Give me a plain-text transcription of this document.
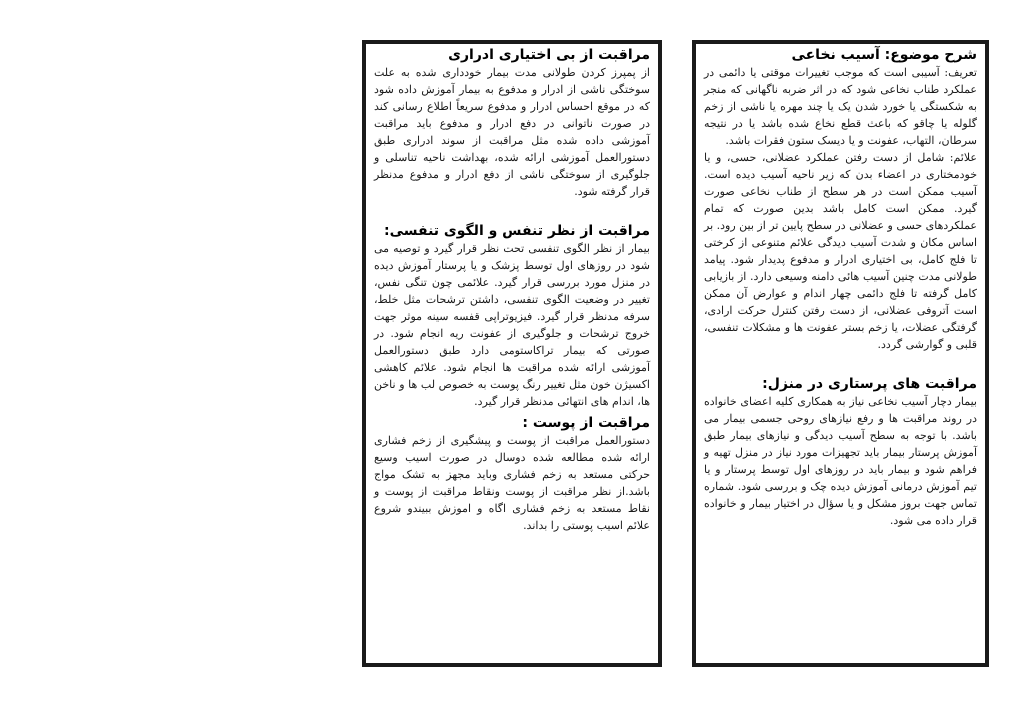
شرح موضوع: آسیب نخاعی

تعریف: آسیبی است که موجب تغییرات موقتی یا دائمی در عملکرد طناب نخاعی شود که در اثر ضربه ناگهانی که منجر به شکستگی یا خورد شدن یک یا چند مهره یا ناشی از زخم گلوله یا چاقو که باعث قطع نخاع شده باشد یا در نتیجه سرطان، التهاب، عفونت و یا دیسک ستون فقرات باشد.

علائم: شامل از دست رفتن عملکرد عضلانی، حسی، و یا خودمختاری در اعضاء بدن که زیر ناحیه آسیب دیده است. آسیب ممکن است در هر سطح از طناب نخاعی صورت گیرد. ممکن است کامل باشد بدین صورت که تمام عملکردهای حسی و عضلانی در سطح پایین تر از بین رود. بر اساس مکان و شدت آسیب دیدگی علائم متنوعی از کرختی تا فلج کامل، بی اختیاری ادرار و مدفوع پدیدار شود. پیامد طولانی مدت چنین آسیب هائی دامنه وسیعی دارد. از بازیابی کامل گرفته تا فلج دائمی چهار اندام و عوارض آن ممکن است آتروفی عضلانی، از دست رفتن کنترل حرکت ارادی، گرفتگی عضلات، یا زخم بستر عفونت ها و مشکلات تنفسی، قلبی و گوارشی گردد.

مراقبت های پرستاری در منزل:

بیمار دچار آسیب نخاعی نیاز به همکاری کلیه اعضای خانواده در روند مراقبت ها و رفع نیازهای روحی جسمی بیمار می باشد. با توجه به سطح آسیب دیدگی و نیازهای بیمار طبق آموزش پرستار بیمار باید تجهیزات مورد نیاز در منزل تهیه و فراهم شود و بیمار باید در روزهای اول توسط پرستار و یا تیم آموزش درمانی آموزش دیده چک و بررسی شود. شماره تماس جهت بروز مشکل و یا سؤال در اختیار بیمار و خانواده قرار داده می شود.

مراقبت از بی اختیاری ادراری

از پمپرز کردن طولانی مدت بیمار خودداری شده به علت سوختگی ناشی از ادرار و مدفوع به بیمار آموزش داده شود که در موقع احساس ادرار و مدفوع سریعاً اطلاع رسانی کند در صورت ناتوانی در دفع ادرار و مدفوع باید مراقبت آموزشی داده شده مثل مراقبت از سوند ادراری طبق دستورالعمل آموزشی ارائه شده، بهداشت ناحیه تناسلی و جلوگیری از سوختگی ناشی از دفع ادرار و مدفوع مدنظر قرار گرفته شود.

مراقبت از نظر تنفس و الگوی تنفسی:

بیمار از نظر الگوی تنفسی تحت نظر قرار گیرد و توصیه می شود در روزهای اول توسط پزشک و یا پرستار آموزش دیده در منزل مورد بررسی قرار گیرد. علائمی چون تنگی نفس، تغییر در وضعیت الگوی تنفسی، داشتن ترشحات مثل خلط، سرفه مدنظر قرار گیرد. فیزیوتراپی قفسه سینه موثر جهت خروج ترشحات و جلوگیری از عفونت ریه انجام شود. در صورتی که بیمار تراکاستومی دارد طبق دستورالعمل آموزشی ارائه شده مراقبت ها انجام شود. علائم کاهشی اکسیژن خون مثل تغییر رنگ پوست به خصوص لب ها و ناخن ها، اندام های انتهائی مدنظر قرار گیرد.

مراقبت از پوست :

دستورالعمل مراقبت از پوست و پیشگیری از زخم فشاری ارائه شده مطالعه شده دوسال در صورت اسیب وسیع حرکتی مستعد به زخم فشاری وباید مجهز به تشک مواج باشد.از نظر مراقبت از پوست ونقاط مراقبت از پوست و نقاط مستعد به زخم فشاری اگاه و اموزش ببیندو شروع علائم اسیب پوستی را بداند.
